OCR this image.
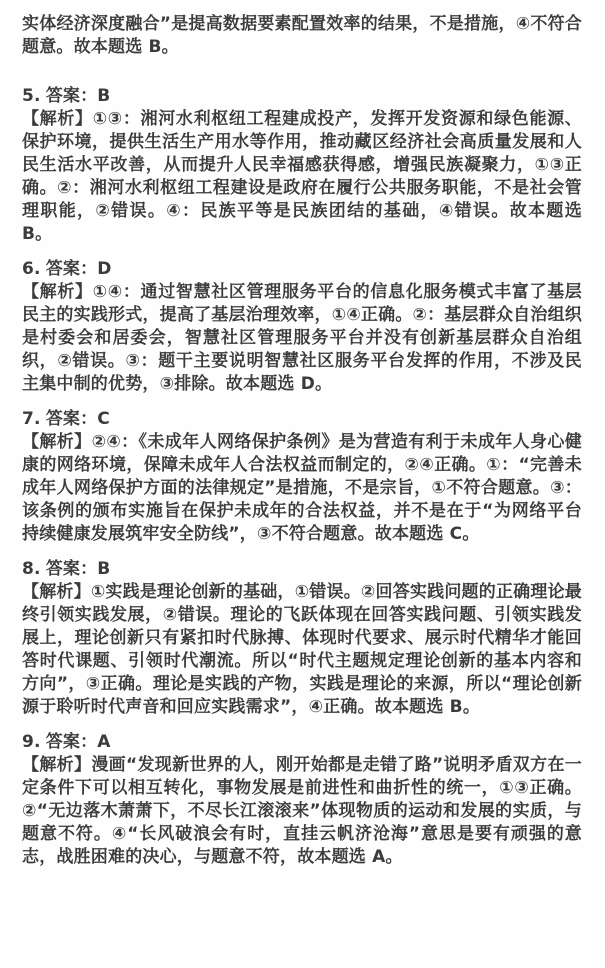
实体经济深度融合”是提高数据要素配置效率的结果，不是措施，④不符合题意。故本题选 B。

5. 答案：B

【解析】①③：湘河水利枢纽工程建成投产，发挥开发资源和绿色能源、保护环境，提供生活生产用水等作用，推动藏区经济社会高质量发展和人民生活水平改善，从而提升人民幸福感获得感，增强民族凝聚力，①③正确。②：湘河水利枢纽工程建设是政府在履行公共服务职能，不是社会管理职能，②错误。④：民族平等是民族团结的基础，④错误。故本题选 B。

6. 答案：D

【解析】①④：通过智慧社区管理服务平台的信息化服务模式丰富了基层民主的实践形式，提高了基层治理效率，①④正确。②：基层群众自治组织是村委会和居委会，智慧社区管理服务平台并没有创新基层群众自治组织，②错误。③：题干主要说明智慧社区服务平台发挥的作用，不涉及民主集中制的优势，③排除。故本题选 D。

7. 答案：C

【解析】②④：《未成年人网络保护条例》是为营造有利于未成年人身心健康的网络环境，保障未成年人合法权益而制定的，②④正确。①：“完善未成年人网络保护方面的法律规定”是措施，不是宗旨，①不符合题意。③：该条例的颁布实施旨在保护未成年的合法权益，并不是在于“为网络平台持续健康发展筑牢安全防线”，③不符合题意。故本题选 C。

8. 答案：B

【解析】①实践是理论创新的基础，①错误。②回答实践问题的正确理论最终引领实践发展，②错误。理论的飞跃体现在回答实践问题、引领实践发展上，理论创新只有紧扣时代脉搏、体现时代要求、展示时代精华才能回答时代课题、引领时代潮流。所以“时代主题规定理论创新的基本内容和方向”，③正确。理论是实践的产物，实践是理论的来源，所以“理论创新源于聆听时代声音和回应实践需求”，④正确。故本题选 B。

9. 答案：A

【解析】漫画“发现新世界的人，刚开始都是走错了路”说明矛盾双方在一定条件下可以相互转化，事物发展是前进性和曲折性的统一，①③正确。②“无边落木萧萧下，不尽长江滚滚来”体现物质的运动和发展的实质，与题意不符。④“长风破浪会有时，直挂云帆济沧海”意思是要有顽强的意志，战胜困难的决心，与题意不符，故本题选 A。
